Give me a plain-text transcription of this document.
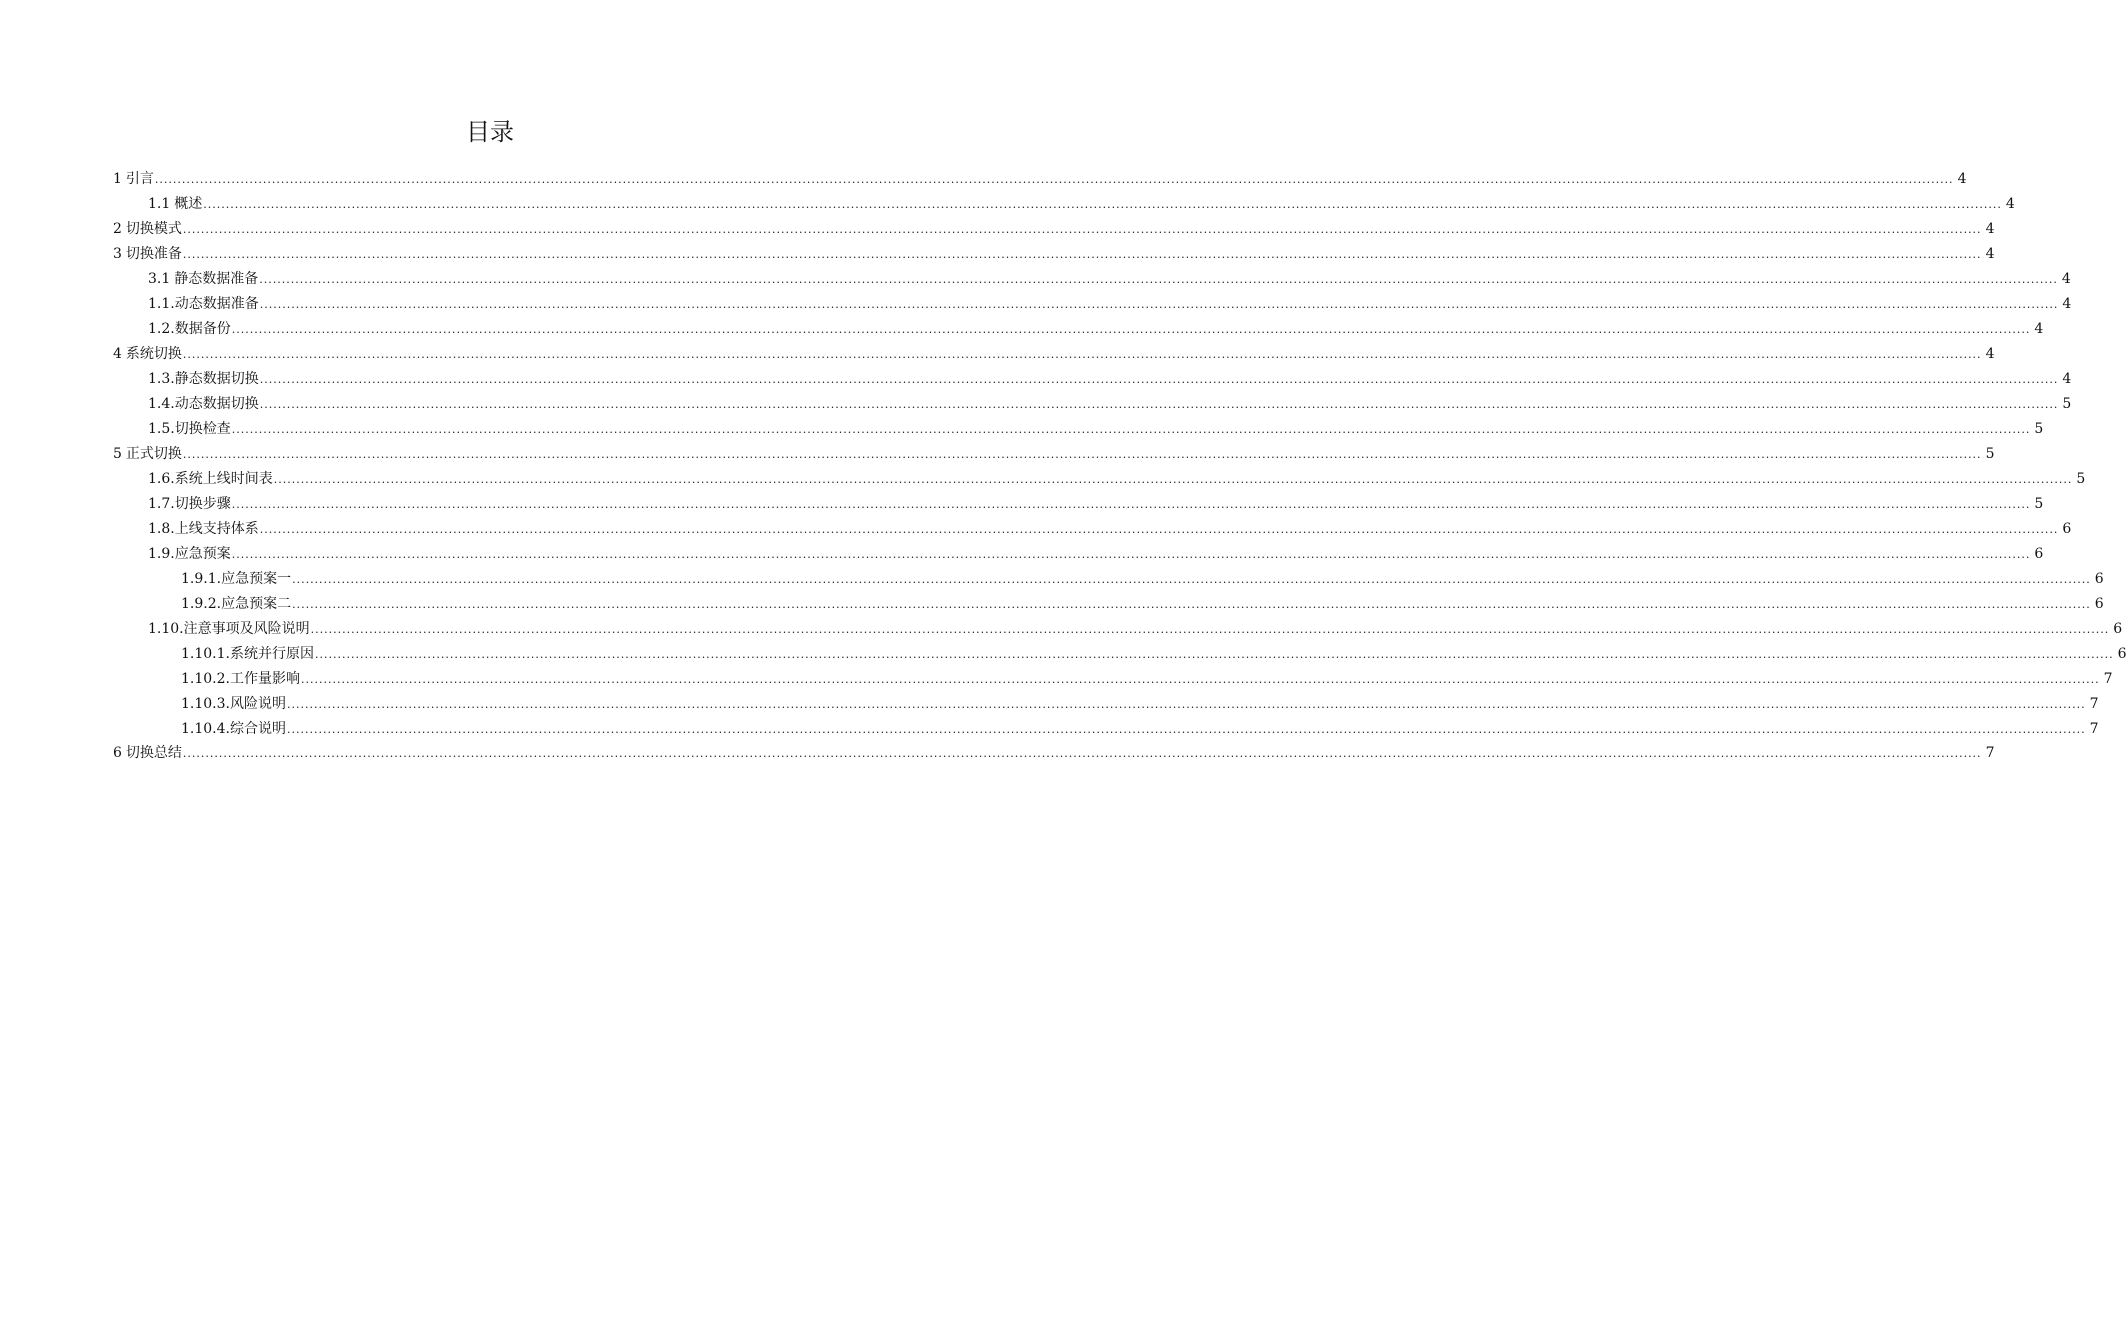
目录
1 引言 ................................................................................................................................................................................................................................................................................................................................................................................................................ 4
1.1 概述 ................................................................................................................................................................................................................................................................................................................................................................................................................ 4
2 切换模式 ................................................................................................................................................................................................................................................................................................................................................................................................................ 4
3 切换准备 ................................................................................................................................................................................................................................................................................................................................................................................................................ 4
3.1 静态数据准备 ................................................................................................................................................................................................................................................................................................................................................................................................................ 4
1.1. 动态数据准备 ................................................................................................................................................................................................................................................................................................................................................................................................................ 4
1.2. 数据备份 ................................................................................................................................................................................................................................................................................................................................................................................................................ 4
4 系统切换 ................................................................................................................................................................................................................................................................................................................................................................................................................ 4
1.3. 静态数据切换 ................................................................................................................................................................................................................................................................................................................................................................................................................ 4
1.4. 动态数据切换 ................................................................................................................................................................................................................................................................................................................................................................................................................ 5
1.5. 切换检查 ................................................................................................................................................................................................................................................................................................................................................................................................................ 5
5 正式切换 ................................................................................................................................................................................................................................................................................................................................................................................................................ 5
1.6. 系统上线时间表 ................................................................................................................................................................................................................................................................................................................................................................................................................ 5
1.7. 切换步骤 ................................................................................................................................................................................................................................................................................................................................................................................................................ 5
1.8. 上线支持体系 ................................................................................................................................................................................................................................................................................................................................................................................................................ 6
1.9. 应急预案 ................................................................................................................................................................................................................................................................................................................................................................................................................ 6
1.9.1. 应急预案一 ................................................................................................................................................................................................................................................................................................................................................................................................................ 6
1.9.2. 应急预案二 ................................................................................................................................................................................................................................................................................................................................................................................................................ 6
1.10. 注意事项及风险说明 ................................................................................................................................................................................................................................................................................................................................................................................................................ 6
1.10.1. 系统并行原因 ................................................................................................................................................................................................................................................................................................................................................................................................................ 6
1.10.2. 工作量影响 ................................................................................................................................................................................................................................................................................................................................................................................................................ 7
1.10.3. 风险说明 ................................................................................................................................................................................................................................................................................................................................................................................................................ 7
1.10.4. 综合说明 ................................................................................................................................................................................................................................................................................................................................................................................................................ 7
6 切换总结 ................................................................................................................................................................................................................................................................................................................................................................................................................ 7
